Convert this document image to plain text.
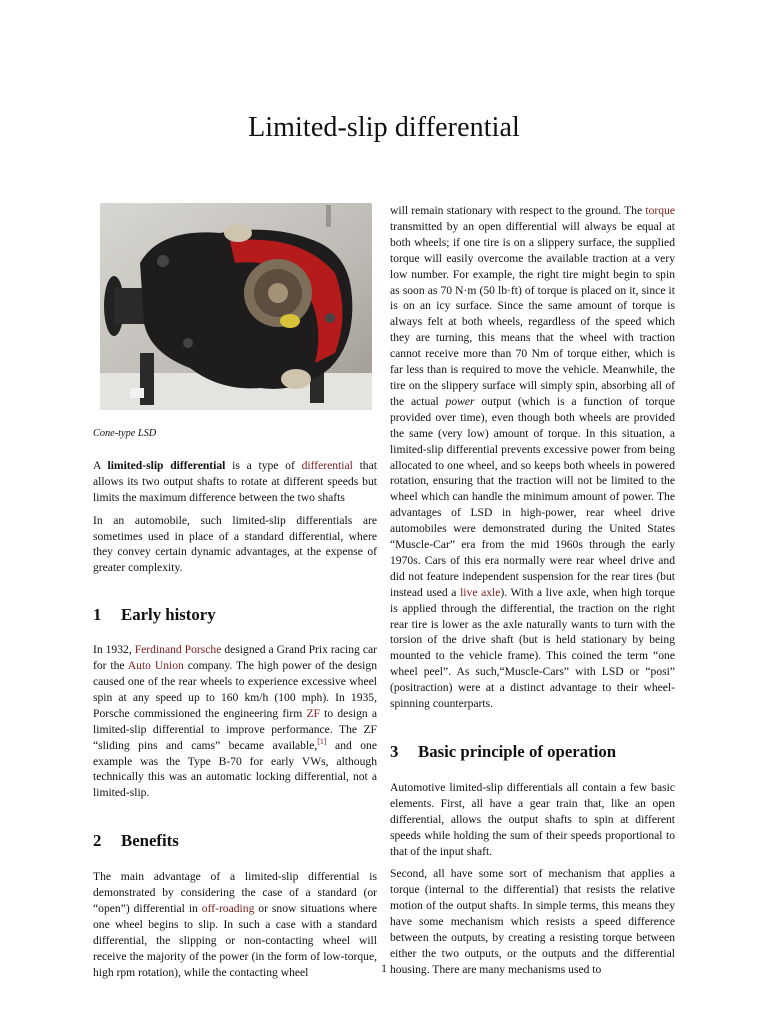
Limited-slip differential
Cone-type LSD

A limited-slip differential is a type of differential that allows its two output shafts to rotate at different speeds but limits the maximum difference between the two shafts

In an automobile, such limited-slip differentials are sometimes used in place of a standard differential, where they convey certain dynamic advantages, at the expense of greater complexity.

1	Early history

In 1932, Ferdinand Porsche designed a Grand Prix racing car for the Auto Union company. The high power of the design caused one of the rear wheels to experience excessive wheel spin at any speed up to 160 km/h (100 mph). In 1935, Porsche commissioned the engineering firm ZF to design a limited-slip differential to improve performance. The ZF “sliding pins and cams” became available,[1] and one example was the Type B-70 for early VWs, although technically this was an automatic locking differential, not a limited-slip.

2	Benefits

The main advantage of a limited-slip differential is demonstrated by considering the case of a standard (or “open”) differential in off-roading or snow situations where one wheel begins to slip. In such a case with a standard differential, the slipping or non-contacting wheel will receive the majority of the power (in the form of low-torque, high rpm rotation), while the contacting wheel

will remain stationary with respect to the ground. The torque transmitted by an open differential will always be equal at both wheels; if one tire is on a slippery surface, the supplied torque will easily overcome the available traction at a very low number. For example, the right tire might begin to spin as soon as 70 N·m (50 lb·ft) of torque is placed on it, since it is on an icy surface. Since the same amount of torque is always felt at both wheels, regardless of the speed which they are turning, this means that the wheel with traction cannot receive more than 70 Nm of torque either, which is far less than is required to move the vehicle. Meanwhile, the tire on the slippery surface will simply spin, absorbing all of the actual power output (which is a function of torque provided over time), even though both wheels are provided the same (very low) amount of torque. In this situation, a limited-slip differential prevents excessive power from being allocated to one wheel, and so keeps both wheels in powered rotation, ensuring that the traction will not be limited to the wheel which can handle the minimum amount of power. The advantages of LSD in high-power, rear wheel drive automobiles were demonstrated during the United States “Muscle-Car” era from the mid 1960s through the early 1970s. Cars of this era normally were rear wheel drive and did not feature independent suspension for the rear tires (but instead used a live axle). With a live axle, when high torque is applied through the differential, the traction on the right rear tire is lower as the axle naturally wants to turn with the torsion of the drive shaft (but is held stationary by being mounted to the vehicle frame). This coined the term “one wheel peel”. As such,“Muscle-Cars” with LSD or “posi” (positraction) were at a distinct advantage to their wheel-spinning counterparts.

3	Basic principle of operation

Automotive limited-slip differentials all contain a few basic elements. First, all have a gear train that, like an open differential, allows the output shafts to spin at different speeds while holding the sum of their speeds proportional to that of the input shaft.

Second, all have some sort of mechanism that applies a torque (internal to the differential) that resists the relative motion of the output shafts. In simple terms, this means they have some mechanism which resists a speed difference between the outputs, by creating a resisting torque between either the two outputs, or the outputs and the differential housing. There are many mechanisms used to

1
